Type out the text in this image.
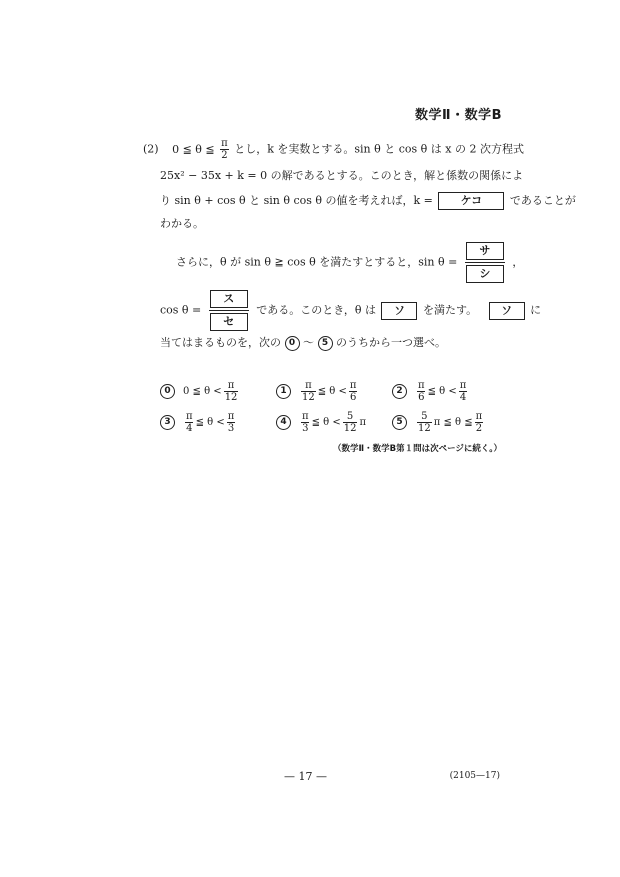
数学Ⅱ・数学B
(2) 0 ≦ θ ≦ $\frac{\pi}{2}$ とし，k を実数とする。sin θ と cos θ は x の 2 次方程式
25x² − 35x + k = 0 の解であるとする。このとき，解と係数の関係によ
り sin θ + cos θ と sin θ cos θ の値を考えれば，k = ケコ	であることが
わかる。
さらに，θ が sin θ ≧ cos θ を満たすとすると，sin θ =
サ
シ
，
cos θ =
ス
セ
である。このとき，θ は ソ を満たす。 ソ に
当てはまるものを，次の 0 〜 5 のうちから一つ選べ。
0	0 ≦ $\theta < \frac{\pi}{12}$	1	$\frac{\pi}{12}$ ≦ $\theta < \frac{\pi}{6}$	2	$\frac{\pi}{6}$ ≦ $\theta < \frac{\pi}{4}$
3	$\frac{\pi}{4}$ ≦ $\theta < \frac{\pi}{3}$	4	$\frac{\pi}{3}$ ≦ $\theta < \frac{5}{12}$ π	5	$\frac{5}{12}$ π ≦ θ ≦ $\frac{\pi}{2}$
（数学Ⅱ・数学B第１問は次ページに続く。）
— 17 —	(2105—17)
